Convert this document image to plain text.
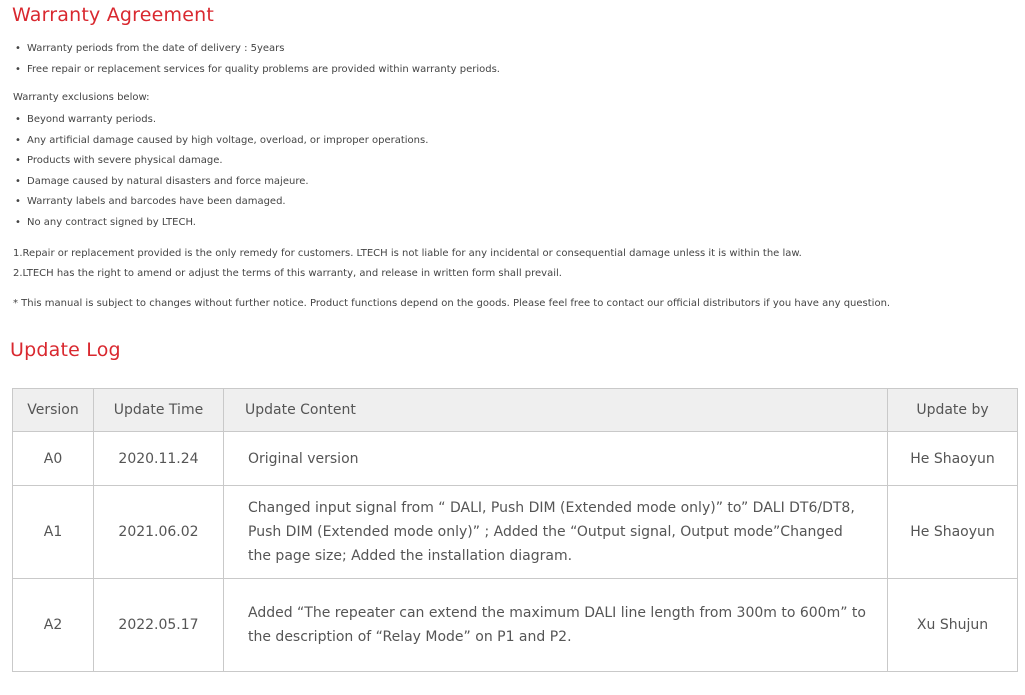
Warranty Agreement
• Warranty periods from the date of delivery : 5years
• Free repair or replacement services for quality problems are provided within warranty periods.
Warranty exclusions below:
• Beyond warranty periods.
• Any artificial damage caused by high voltage, overload, or improper operations.
• Products with severe physical damage.
• Damage caused by natural disasters and force majeure.
• Warranty labels and barcodes have been damaged.
• No any contract signed by LTECH.
1.Repair or replacement provided is the only remedy for customers. LTECH is not liable for any incidental or consequential damage unless it is within the law.
2.LTECH has the right to amend or adjust the terms of this warranty, and release in written form shall prevail.
* This manual is subject to changes without further notice. Product functions depend on the goods. Please feel free to contact our official distributors if you have any question.
Update Log
Version	Update Time	Update Content	Update by
A0	2020.11.24	Original version	He Shaoyun
A1	2021.06.02	Changed input signal from “ DALI, Push DIM (Extended mode only)” to” DALI DT6/DT8, Push DIM (Extended mode only)” ; Added the “Output signal, Output mode”Changed the page size; Added the installation diagram.	He Shaoyun
A2	2022.05.17	Added “The repeater can extend the maximum DALI line length from 300m to 600m” to the description of “Relay Mode” on P1 and P2.	Xu Shujun
